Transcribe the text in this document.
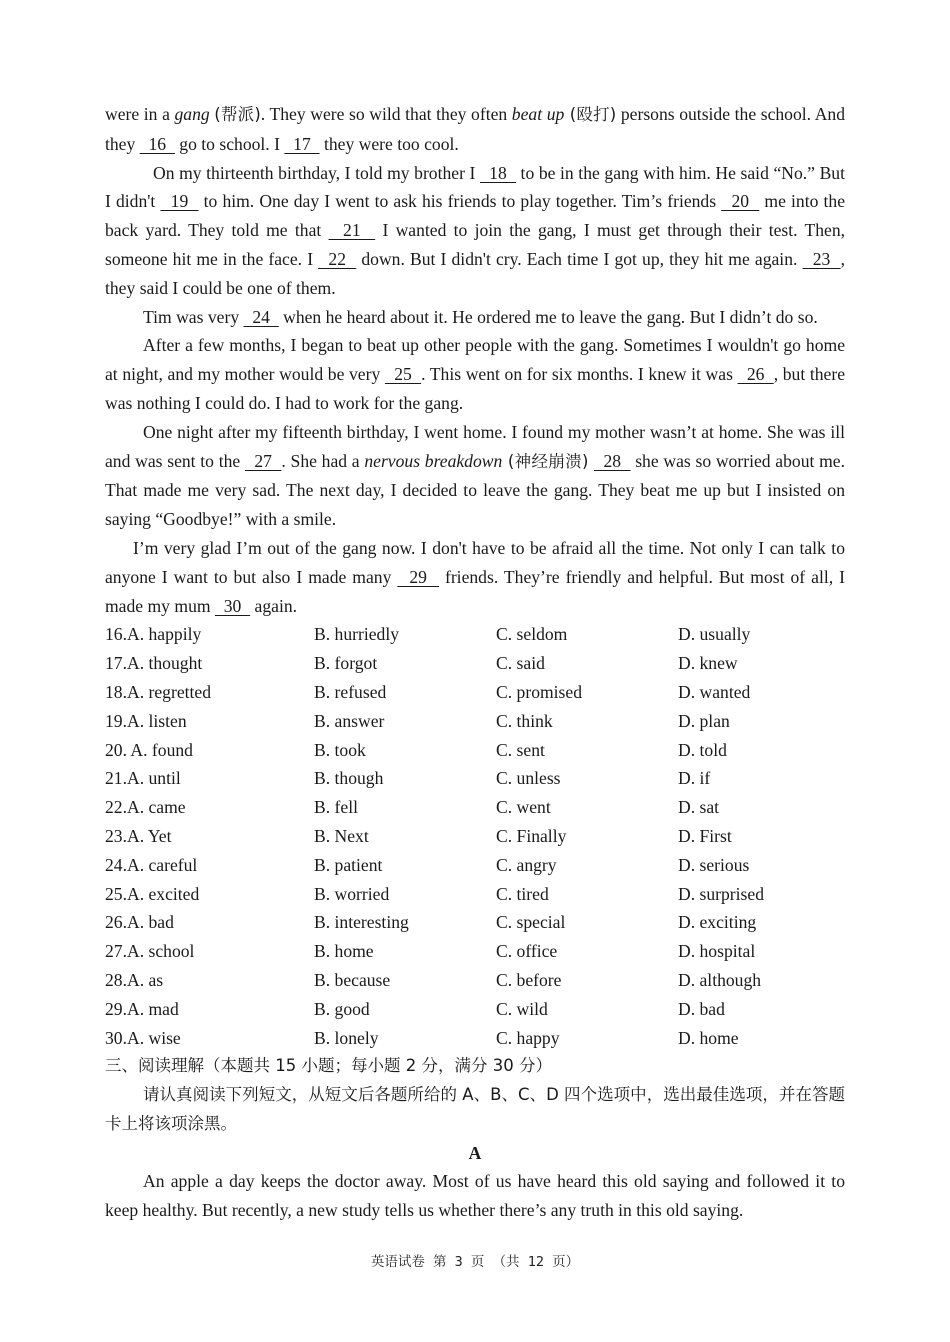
were in a gang (帮派). They were so wild that they often beat up (殴打) persons outside the school. And they   16   go to school. I   17   they were too cool.

On my thirteenth birthday, I told my brother I   18   to be in the gang with him. He said “No.” But I didn't   19   to him. One day I went to ask his friends to play together. Tim’s friends   20   me into the back yard. They told me that   21   I wanted to join the gang, I must get through their test. Then, someone hit me in the face. I   22   down. But I didn't cry. Each time I got up, they hit me again.   23  , they said I could be one of them.

Tim was very   24   when he heard about it. He ordered me to leave the gang. But I didn’t do so.

After a few months, I began to beat up other people with the gang. Sometimes I wouldn't go home at night, and my mother would be very   25  . This went on for six months. I knew it was   26  , but there was nothing I could do. I had to work for the gang.

One night after my fifteenth birthday, I went home. I found my mother wasn’t at home. She was ill and was sent to the   27  . She had a nervous breakdown (神经崩溃)   28   she was so worried about me. That made me very sad. The next day, I decided to leave the gang. They beat me up but I insisted on saying “Goodbye!” with a smile.

I’m very glad I’m out of the gang now. I don't have to be afraid all the time. Not only I can talk to anyone I want to but also I made many   29   friends. They’re friendly and helpful. But most of all, I made my mum   30   again.

16.A. happily	B. hurriedly	C. seldom	D. usually
17.A. thought	B. forgot	C. said	D. knew
18.A. regretted	B. refused	C. promised	D. wanted
19.A. listen	B. answer	C. think	D. plan
20. A. found	B. took	C. sent	D. told
21.A. until	B. though	C. unless	D. if
22.A. came	B. fell	C. went	D. sat
23.A. Yet	B. Next	C. Finally	D. First
24.A. careful	B. patient	C. angry	D. serious
25.A. excited	B. worried	C. tired	D. surprised
26.A. bad	B. interesting	C. special	D. exciting
27.A. school	B. home	C. office	D. hospital
28.A. as	B. because	C. before	D. although
29.A. mad	B. good	C. wild	D. bad
30.A. wise	B. lonely	C. happy	D. home

三、阅读理解（本题共 15 小题；每小题 2 分，满分 30 分）

请认真阅读下列短文，从短文后各题所给的 A、B、C、D 四个选项中，选出最佳选项，并在答题卡上将该项涂黑。

A

An apple a day keeps the doctor away. Most of us have heard this old saying and followed it to keep healthy. But recently, a new study tells us whether there’s any truth in this old saying.

英语试卷 第 3 页 （共 12 页）
